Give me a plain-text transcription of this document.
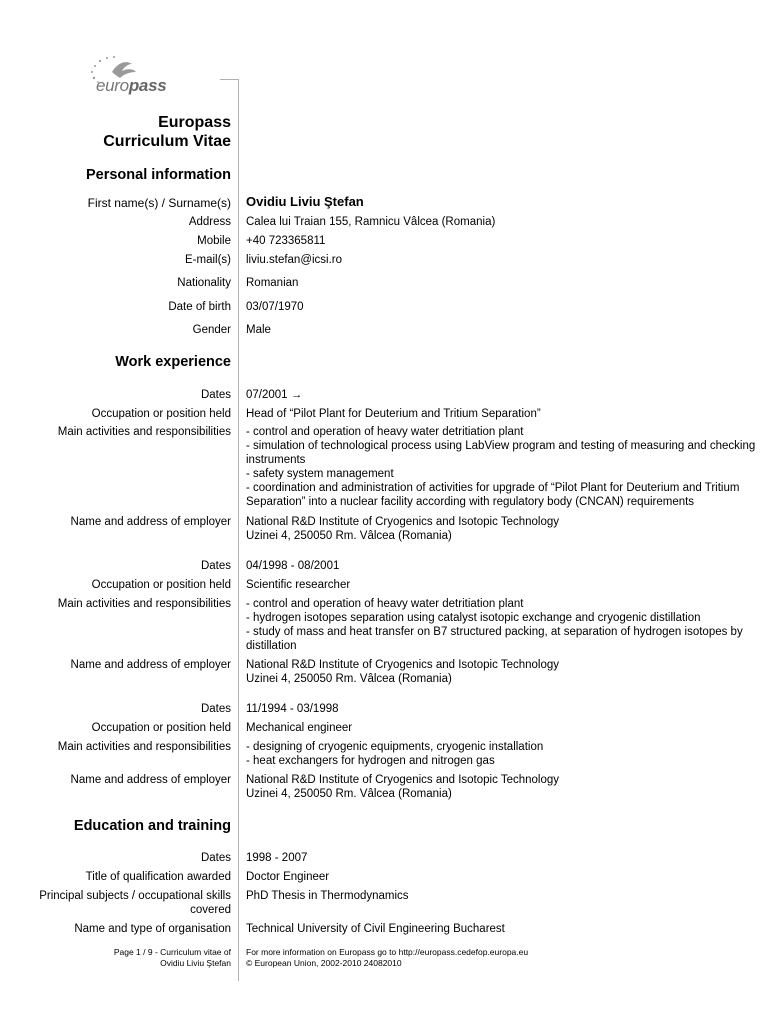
europass
Europass
Curriculum Vitae
Personal information
First name(s) / Surname(s) Ovidiu Liviu Ştefan
Address Calea lui Traian 155, Ramnicu Vâlcea (Romania)
Mobile +40 723365811
E-mail(s) liviu.stefan@icsi.ro
Nationality Romanian
Date of birth 03/07/1970
Gender Male
Work experience
Dates 07/2001 →
Occupation or position held Head of “Pilot Plant for Deuterium and Tritium Separation”
Main activities and responsibilities - control and operation of heavy water detritiation plant
- simulation of technological process using LabView program and testing of measuring and checking
instruments
- safety system management
- coordination and administration of activities for upgrade of “Pilot Plant for Deuterium and Tritium
Separation” into a nuclear facility according with regulatory body (CNCAN) requirements
Name and address of employer National R&D Institute of Cryogenics and Isotopic Technology
Uzinei 4, 250050 Rm. Vâlcea (Romania)
Dates 04/1998 - 08/2001
Occupation or position held Scientific researcher
Main activities and responsibilities - control and operation of heavy water detritiation plant
- hydrogen isotopes separation using catalyst isotopic exchange and cryogenic distillation
- study of mass and heat transfer on B7 structured packing, at separation of hydrogen isotopes by
distillation
Name and address of employer National R&D Institute of Cryogenics and Isotopic Technology
Uzinei 4, 250050 Rm. Vâlcea (Romania)
Dates 11/1994 - 03/1998
Occupation or position held Mechanical engineer
Main activities and responsibilities - designing of cryogenic equipments, cryogenic installation
- heat exchangers for hydrogen and nitrogen gas
Name and address of employer National R&D Institute of Cryogenics and Isotopic Technology
Uzinei 4, 250050 Rm. Vâlcea (Romania)
Education and training
Dates 1998 - 2007
Title of qualification awarded Doctor Engineer
Principal subjects / occupational skills
covered
PhD Thesis in Thermodynamics
Name and type of organisation Technical University of Civil Engineering Bucharest
Page 1 / 9 - Curriculum vitae of
Ovidiu Liviu Ştefan
For more information on Europass go to http://europass.cedefop.europa.eu
© European Union, 2002-2010 24082010
